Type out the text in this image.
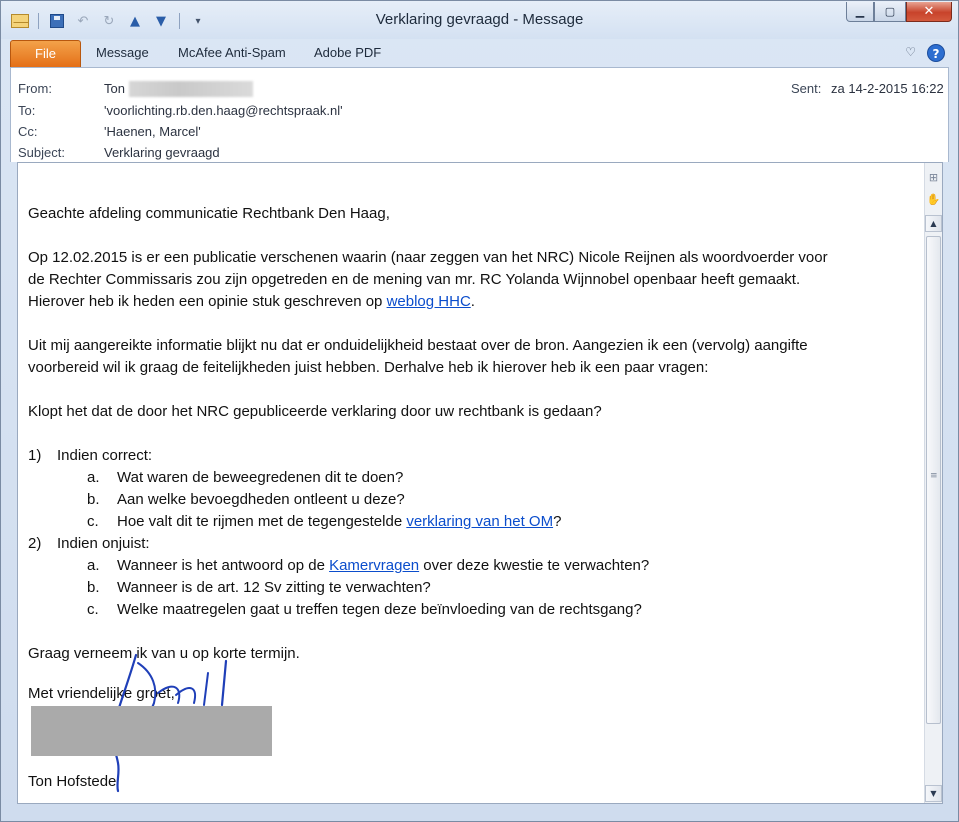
↶	↻	▲	▼	▾	Verklaring gevraagd - Message	▁	▢	✕
File	Message McAfee Anti-Spam Adobe PDF	♡	?
From:	Ton	Sent: za 14-2-2015 16:22
To:	'voorlichting.rb.den.haag@rechtspraak.nl'
Cc:	'Haenen, Marcel'
Subject:	Verklaring gevraagd
Geachte afdeling communicatie Rechtbank Den Haag,
Op 12.02.2015 is er een publicatie verschenen waarin (naar zeggen van het NRC) Nicole Reijnen als woordvoerder voor
de Rechter Commissaris zou zijn opgetreden en de mening van mr. RC Yolanda Wijnnobel openbaar heeft gemaakt.
Hierover heb ik heden een opinie stuk geschreven op weblog HHC.
Uit mij aangereikte informatie blijkt nu dat er onduidelijkheid bestaat over de bron. Aangezien ik een (vervolg) aangifte
voorbereid wil ik graag de feitelijkheden juist hebben. Derhalve heb ik hierover heb ik een paar vragen:
Klopt het dat de door het NRC gepubliceerde verklaring door uw rechtbank is gedaan?
1) Indien correct:
a. Wat waren de beweegredenen dit te doen?
b. Aan welke bevoegdheden ontleent u deze?
c. Hoe valt dit te rijmen met de tegengestelde verklaring van het OM?
2) Indien onjuist:
a. Wanneer is het antwoord op de Kamervragen over deze kwestie te verwachten?
b. Wanneer is de art. 12 Sv zitting te verwachten?
c. Welke maatregelen gaat u treffen tegen deze beïnvloeding van de rechtsgang?
Graag verneem ik van u op korte termijn.
Met vriendelijke groet,
Ton Hofstede
⊞
✋
▲
≡
▼
